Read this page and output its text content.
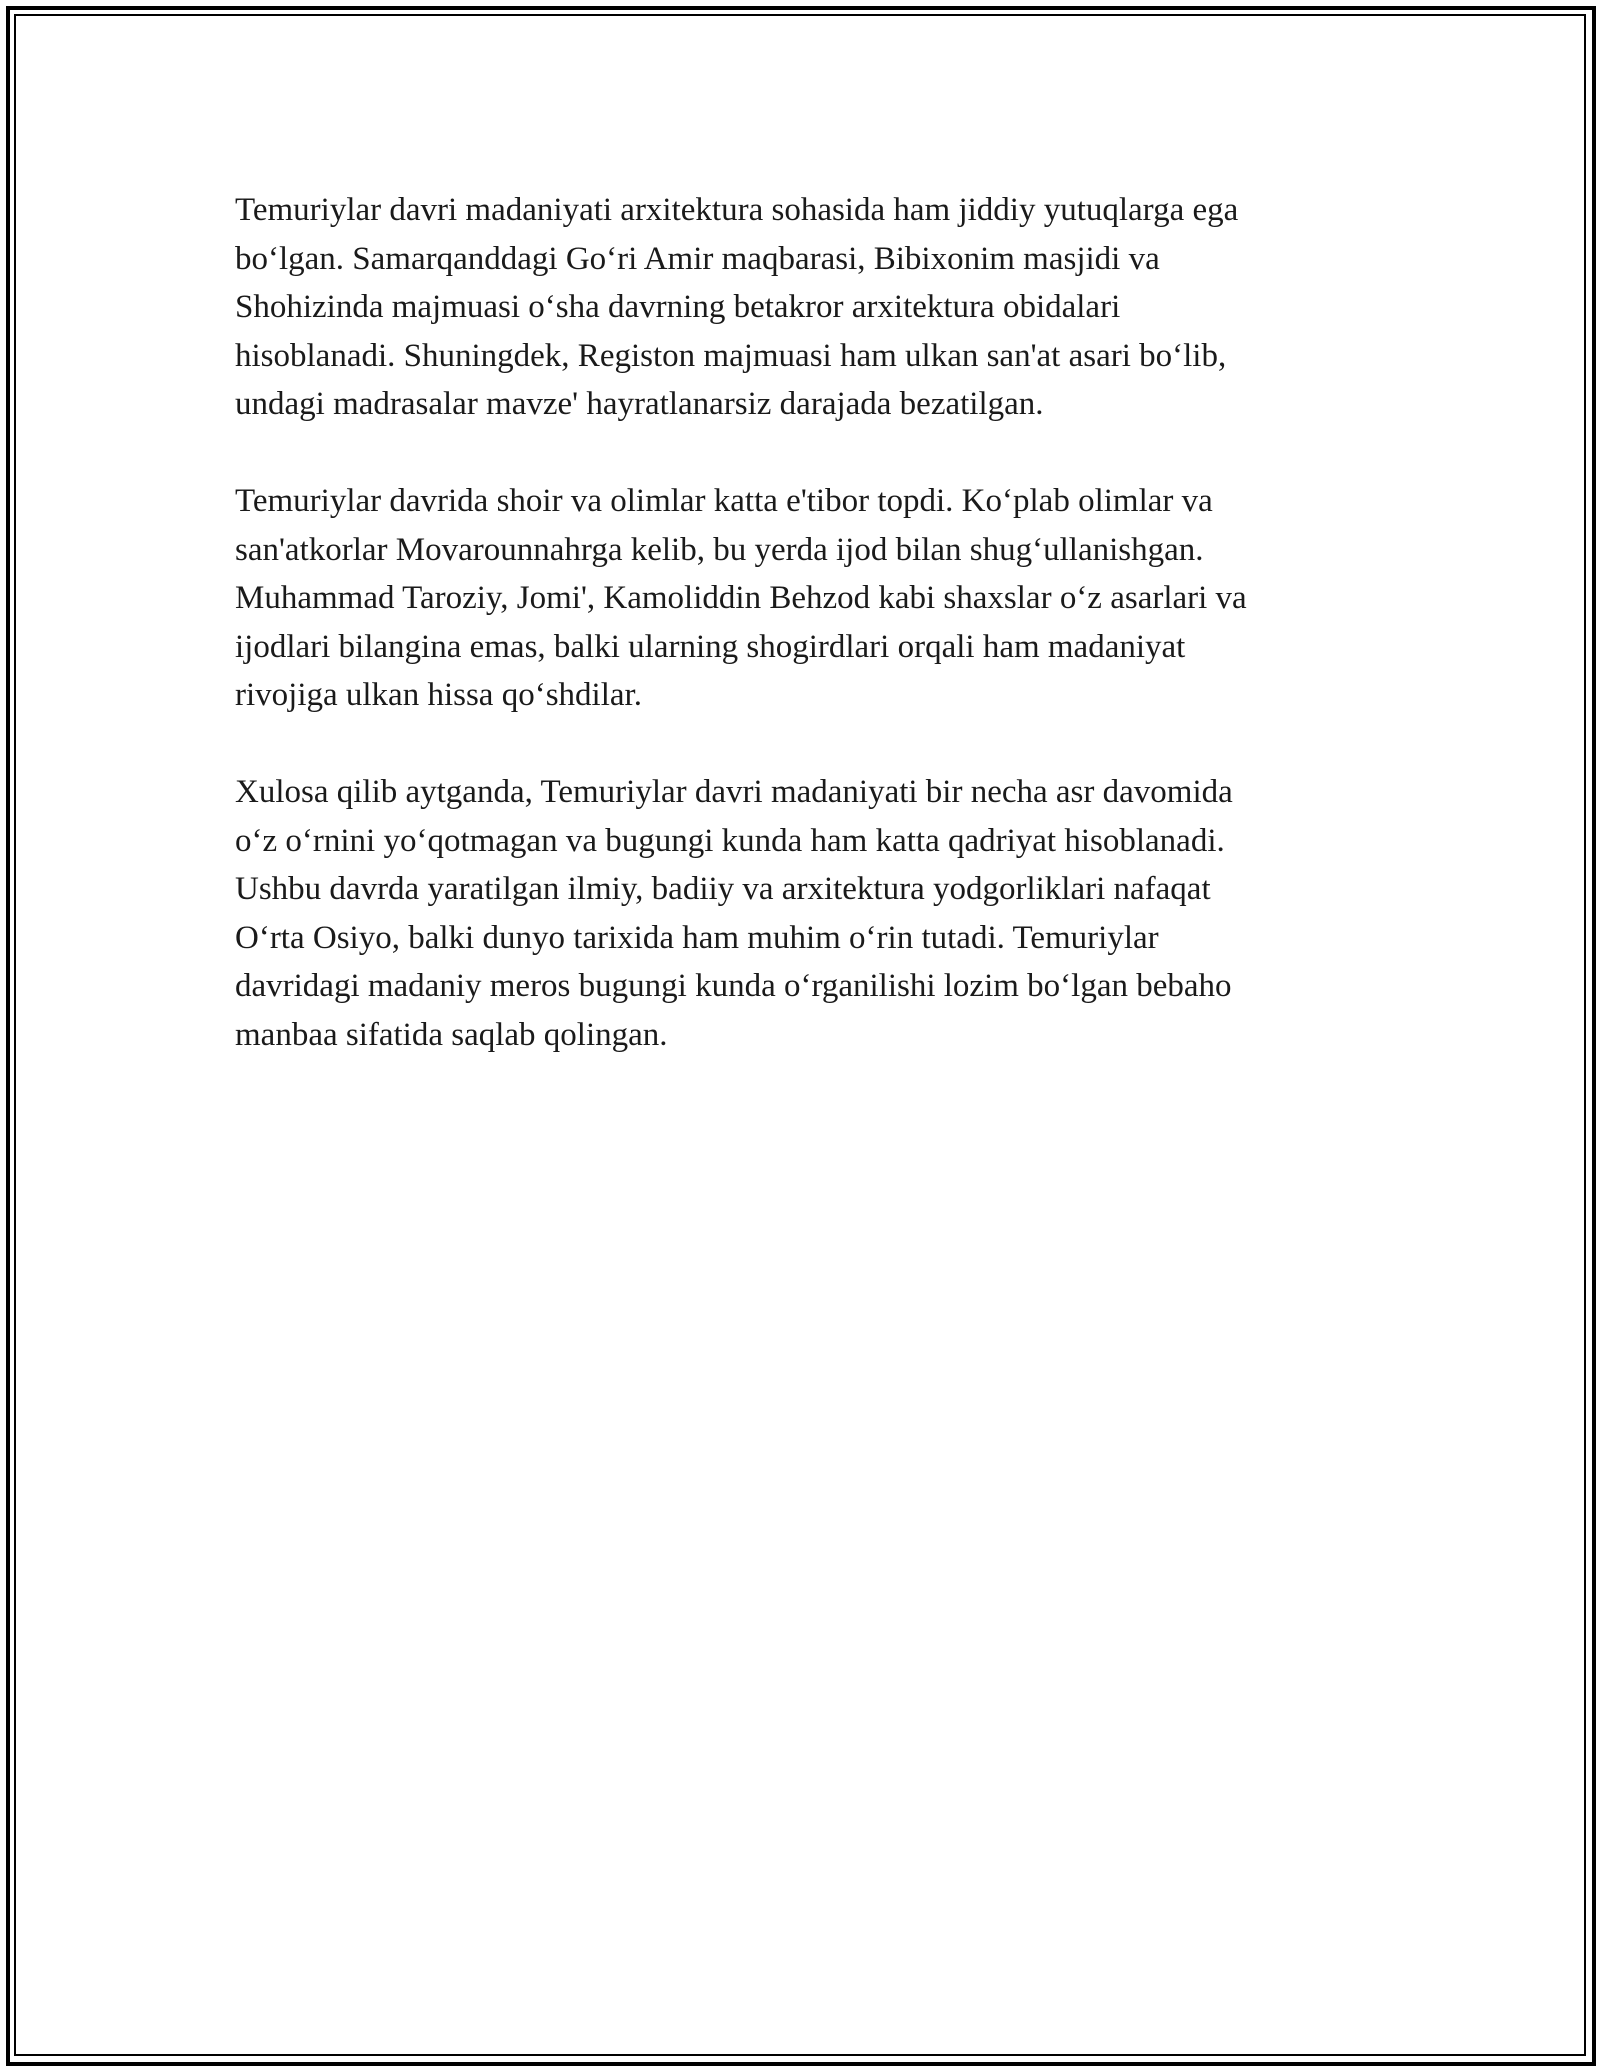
Temuriylar davri madaniyati arxitektura sohasida ham jiddiy yutuqlarga ega
bo‘lgan. Samarqanddagi Go‘ri Amir maqbarasi, Bibixonim masjidi va
Shohizinda majmuasi o‘sha davrning betakror arxitektura obidalari
hisoblanadi. Shuningdek, Registon majmuasi ham ulkan san'at asari bo‘lib,
undagi madrasalar mavze' hayratlanarsiz darajada bezatilgan.
Temuriylar davrida shoir va olimlar katta e'tibor topdi. Ko‘plab olimlar va
san'atkorlar Movarounnahrga kelib, bu yerda ijod bilan shug‘ullanishgan.
Muhammad Taroziy, Jomi', Kamoliddin Behzod kabi shaxslar o‘z asarlari va
ijodlari bilangina emas, balki ularning shogirdlari orqali ham madaniyat
rivojiga ulkan hissa qo‘shdilar.
Xulosa qilib aytganda, Temuriylar davri madaniyati bir necha asr davomida
o‘z o‘rnini yo‘qotmagan va bugungi kunda ham katta qadriyat hisoblanadi.
Ushbu davrda yaratilgan ilmiy, badiiy va arxitektura yodgorliklari nafaqat
O‘rta Osiyo, balki dunyo tarixida ham muhim o‘rin tutadi. Temuriylar
davridagi madaniy meros bugungi kunda o‘rganilishi lozim bo‘lgan bebaho
manbaa sifatida saqlab qolingan.
